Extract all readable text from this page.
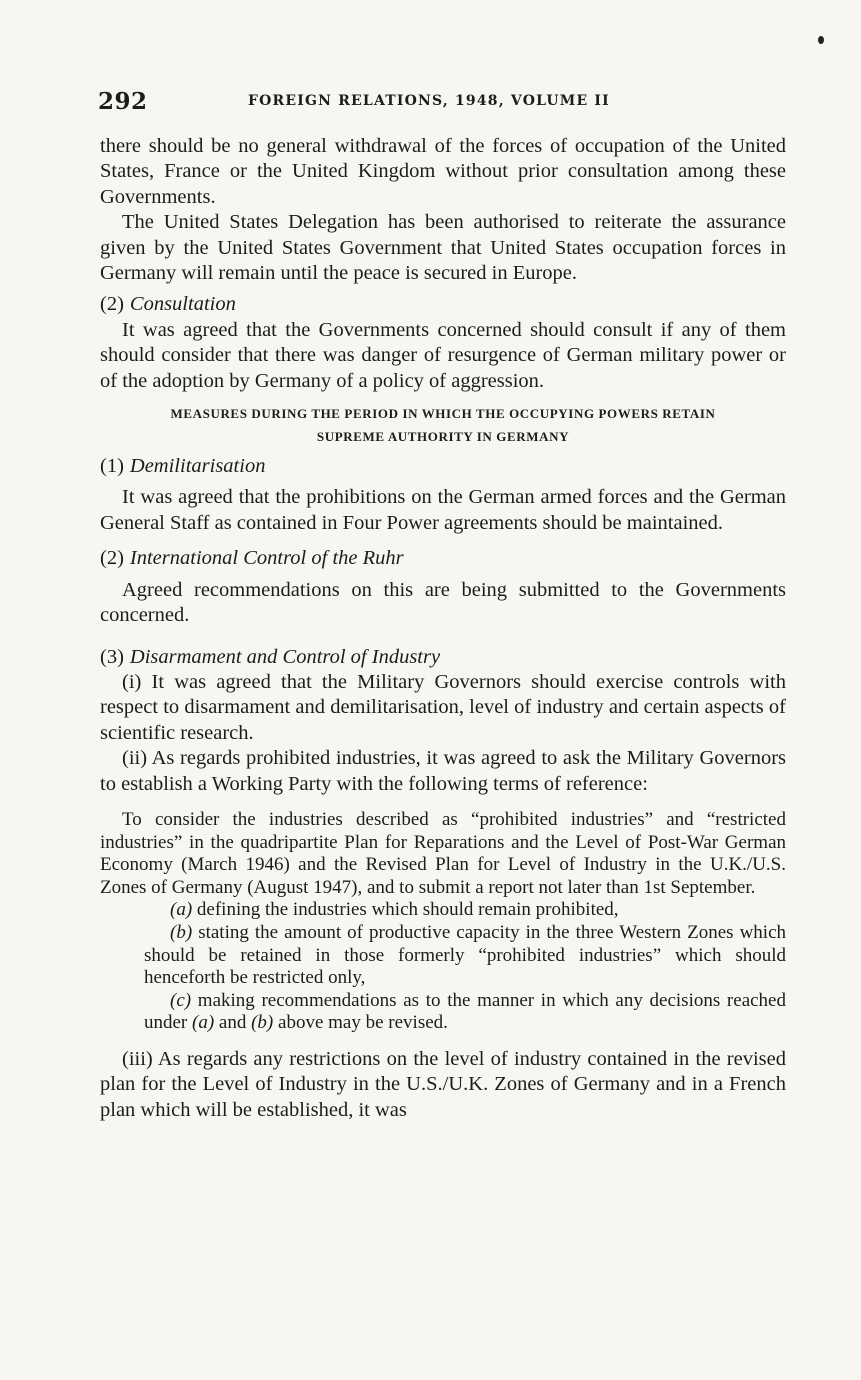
292	FOREIGN RELATIONS, 1948, VOLUME II

there should be no general withdrawal of the forces of occupation of the United States, France or the United Kingdom without prior consultation among these Governments.

The United States Delegation has been authorised to reiterate the assurance given by the United States Government that United States occupation forces in Germany will remain until the peace is secured in Europe.

(2) Consultation

It was agreed that the Governments concerned should consult if any of them should consider that there was danger of resurgence of German military power or of the adoption by Germany of a policy of aggression.

MEASURES DURING THE PERIOD IN WHICH THE OCCUPYING POWERS RETAIN
SUPREME AUTHORITY IN GERMANY

(1) Demilitarisation

It was agreed that the prohibitions on the German armed forces and the German General Staff as contained in Four Power agreements should be maintained.

(2) International Control of the Ruhr

Agreed recommendations on this are being submitted to the Governments concerned.

(3) Disarmament and Control of Industry

(i) It was agreed that the Military Governors should exercise controls with respect to disarmament and demilitarisation, level of industry and certain aspects of scientific research.

(ii) As regards prohibited industries, it was agreed to ask the Military Governors to establish a Working Party with the following terms of reference:

To consider the industries described as “prohibited industries” and “restricted industries” in the quadripartite Plan for Reparations and the Level of Post-War German Economy (March 1946) and the Revised Plan for Level of Industry in the U.K./U.S. Zones of Germany (August 1947), and to submit a report not later than 1st September.

(a) defining the industries which should remain prohibited,

(b) stating the amount of productive capacity in the three Western Zones which should be retained in those formerly “prohibited industries” which should henceforth be restricted only,

(c) making recommendations as to the manner in which any decisions reached under (a) and (b) above may be revised.

(iii) As regards any restrictions on the level of industry contained in the revised plan for the Level of Industry in the U.S./U.K. Zones of Germany and in a French plan which will be established, it was
